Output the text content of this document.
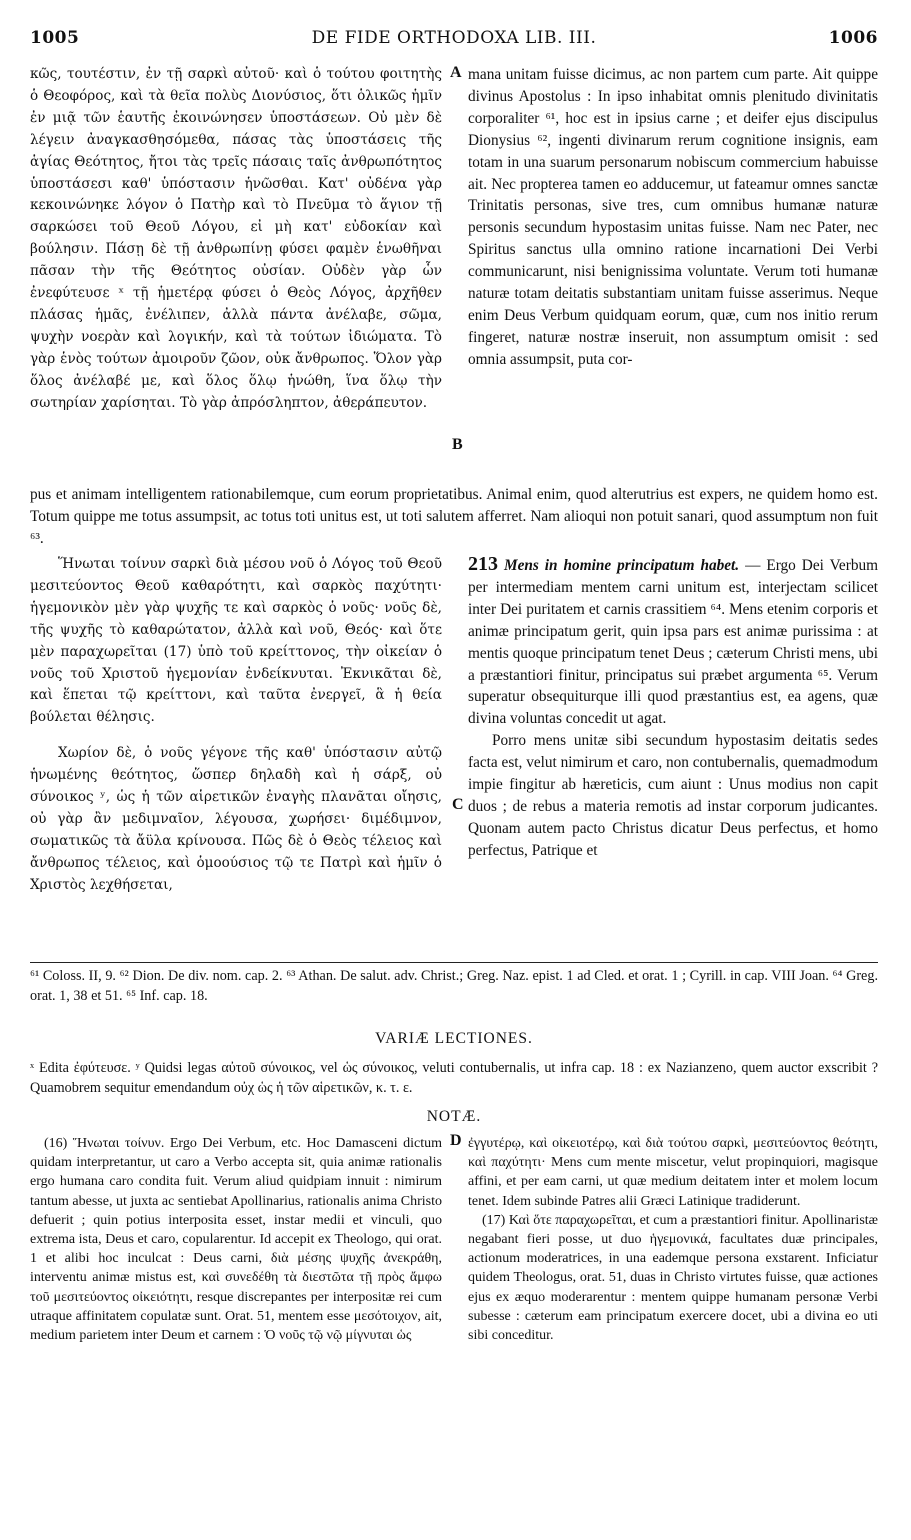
1005	DE FIDE ORTHODOXA LIB. III.	1006
A
B
C
D

κῶς, τουτέστιν, ἐν τῇ σαρκὶ αὐτοῦ· καὶ ὁ τούτου φοιτητὴς ὁ Θεοφόρος, καὶ τὰ θεῖα πολὺς Διονύσιος, ὅτι ὁλικῶς ἡμῖν ἐν μιᾷ τῶν ἑαυτῆς ἐκοινώνησεν ὑποστάσεων. Οὐ μὲν δὲ λέγειν ἀναγκασθησόμεθα, πάσας τὰς ὑποστάσεις τῆς ἁγίας Θεότητος, ἤτοι τὰς τρεῖς πάσαις ταῖς ἀνθρωπότητος ὑποστάσεσι καθ' ὑπόστασιν ἡνῶσθαι. Κατ' οὐδένα γὰρ κεκοινώνηκε λόγον ὁ Πατὴρ καὶ τὸ Πνεῦμα τὸ ἅγιον τῇ σαρκώσει τοῦ Θεοῦ Λόγου, εἰ μὴ κατ' εὐδοκίαν καὶ βούλησιν. Πάσῃ δὲ τῇ ἀνθρωπίνῃ φύσει φαμὲν ἑνωθῆναι πᾶσαν τὴν τῆς Θεότητος οὐσίαν. Οὐδὲν γὰρ ὧν ἐνεφύτευσε ˣ τῇ ἡμετέρᾳ φύσει ὁ Θεὸς Λόγος, ἀρχῆθεν πλάσας ἡμᾶς, ἐνέλιπεν, ἀλλὰ πάντα ἀνέλαβε, σῶμα, ψυχὴν νοερὰν καὶ λογικήν, καὶ τὰ τούτων ἰδιώματα. Τὸ γὰρ ἑνὸς τούτων ἀμοιροῦν ζῶον, οὐκ ἄνθρωπος. Ὅλον γὰρ ὅλος ἀνέλαβέ με, καὶ ὅλος ὅλῳ ἡνώθη, ἵνα ὅλῳ τὴν σωτηρίαν χαρίσηται. Τὸ γὰρ ἀπρόσληπτον, ἀθεράπευτον.

mana unitam fuisse dicimus, ac non partem cum parte. Ait quippe divinus Apostolus : In ipso inhabitat omnis plenitudo divinitatis corporaliter ⁶¹, hoc est in ipsius carne ; et deifer ejus discipulus Dionysius ⁶², ingenti divinarum rerum cognitione insignis, eam totam in una suarum personarum nobiscum commercium habuisse ait. Nec propterea tamen eo adducemur, ut fateamur omnes sanctæ Trinitatis personas, sive tres, cum omnibus humanæ naturæ personis secundum hypostasim unitas fuisse. Nam nec Pater, nec Spiritus sanctus ulla omnino ratione incarnationi Dei Verbi communicarunt, nisi benignissima voluntate. Verum toti humanæ naturæ totam deitatis substantiam unitam fuisse asserimus. Neque enim Deus Verbum quidquam eorum, quæ, cum nos initio rerum fingeret, naturæ nostræ inseruit, non assumptum omisit : sed omnia assumpsit, puta cor-

pus et animam intelligentem rationabilemque, cum eorum proprietatibus. Animal enim, quod alterutrius est expers, ne quidem homo est. Totum quippe me totus assumpsit, ac totus toti unitus est, ut toti salutem afferret. Nam alioqui non potuit sanari, quod assumptum non fuit ⁶³.

Ἥνωται τοίνυν σαρκὶ διὰ μέσου νοῦ ὁ Λόγος τοῦ Θεοῦ μεσιτεύοντος Θεοῦ καθαρότητι, καὶ σαρκὸς παχύτητι· ἡγεμονικὸν μὲν γὰρ ψυχῆς τε καὶ σαρκὸς ὁ νοῦς· νοῦς δὲ, τῆς ψυχῆς τὸ καθαρώτατον, ἀλλὰ καὶ νοῦ, Θεός· καὶ ὅτε μὲν παραχωρεῖται (17) ὑπὸ τοῦ κρείττονος, τὴν οἰκείαν ὁ νοῦς τοῦ Χριστοῦ ἡγεμονίαν ἐνδείκνυται. Ἐκνικᾶται δὲ, καὶ ἕπεται τῷ κρείττονι, καὶ ταῦτα ἐνεργεῖ, ἃ ἡ θεία βούλεται θέλησις.

Χωρίον δὲ, ὁ νοῦς γέγονε τῆς καθ' ὑπόστασιν αὐτῷ ἡνωμένης θεότητος, ὥσπερ δηλαδὴ καὶ ἡ σάρξ, οὐ σύνοικος ʸ, ὡς ἡ τῶν αἱρετικῶν ἐναγὴς πλανᾶται οἴησις, οὐ γὰρ ἂν μεδιμναῖον, λέγουσα, χωρήσει· διμέδιμνον, σωματικῶς τὰ ἄϋλα κρίνουσα. Πῶς δὲ ὁ Θεὸς τέλειος καὶ ἄνθρωπος τέλειος, καὶ ὁμοούσιος τῷ τε Πατρὶ καὶ ἡμῖν ὁ Χριστὸς λεχθήσεται,

213 Mens in homine principatum habet. — Ergo Dei Verbum per intermediam mentem carni unitum est, interjectam scilicet inter Dei puritatem et carnis crassitiem ⁶⁴. Mens etenim corporis et animæ principatum gerit, quin ipsa pars est animæ purissima : at mentis quoque principatum tenet Deus ; cæterum Christi mens, ubi a præstantiori finitur, principatus sui præbet argumenta ⁶⁵. Verum superatur obsequiturque illi quod præstantius est, ea agens, quæ divina voluntas concedit ut agat.

Porro mens unitæ sibi secundum hypostasim deitatis sedes facta est, velut nimirum et caro, non contubernalis, quemadmodum impie fingitur ab hæreticis, cum aiunt : Unus modius non capit duos ; de rebus a materia remotis ad instar corporum judicantes. Quonam autem pacto Christus dicatur Deus perfectus, et homo perfectus, Patrique et

⁶¹ Coloss. II, 9. ⁶² Dion. De div. nom. cap. 2. ⁶³ Athan. De salut. adv. Christ.; Greg. Naz. epist. 1 ad Cled. et orat. 1 ; Cyrill. in cap. VIII Joan. ⁶⁴ Greg. orat. 1, 38 et 51. ⁶⁵ Inf. cap. 18.
VARIÆ LECTIONES.
ˣ Edita ἐφύτευσε. ʸ Quidsi legas αὐτοῦ σύνοικος, vel ὡς σύνοικος, veluti contubernalis, ut infra cap. 18 : ex Nazianzeno, quem auctor exscribit ? Quamobrem sequitur emendandum οὐχ ὡς ἡ τῶν αἱρετικῶν, κ. τ. ε.
NOTÆ.

(16) Ἥνωται τοίνυν. Ergo Dei Verbum, etc. Hoc Damasceni dictum quidam interpretantur, ut caro a Verbo accepta sit, quia animæ rationalis ergo humana caro condita fuit. Verum aliud quidpiam innuit : nimirum tantum abesse, ut juxta ac sentiebat Apollinarius, rationalis anima Christo defuerit ; quin potius interposita esset, instar medii et vinculi, quo extrema ista, Deus et caro, copularentur. Id accepit ex Theologo, qui orat. 1 et alibi hoc inculcat : Deus carni, διὰ μέσης ψυχῆς ἀνεκράθη, interventu animæ mistus est, καὶ συνεδέθη τὰ διεστῶτα τῇ πρὸς ἄμφω τοῦ μεσιτεύοντος οἰκειότητι, resque discrepantes per interpositæ rei cum utraque affinitatem copulatæ sunt. Orat. 51, mentem esse μεσότοιχον, ait, medium parietem inter Deum et carnem : Ὁ νοῦς τῷ νῷ μίγνυται ὡς

ἐγγυτέρῳ, καὶ οἰκειοτέρῳ, καὶ διὰ τούτου σαρκὶ, μεσιτεύοντος θεότητι, καὶ παχύτητι· Mens cum mente miscetur, velut propinquiori, magisque affini, et per eam carni, ut quæ medium deitatem inter et molem locum tenet. Idem subinde Patres alii Græci Latinique tradiderunt.

(17) Καὶ ὅτε παραχωρεῖται, et cum a præstantiori finitur. Apollinaristæ negabant fieri posse, ut duo ἡγεμονικά, facultates duæ principales, actionum moderatrices, in una eademque persona exstarent. Inficiatur quidem Theologus, orat. 51, duas in Christo virtutes fuisse, quæ actiones ejus ex æquo moderarentur : mentem quippe humanam personæ Verbi subesse : cæterum eam principatum exercere docet, ubi a divina eo uti sibi conceditur.
